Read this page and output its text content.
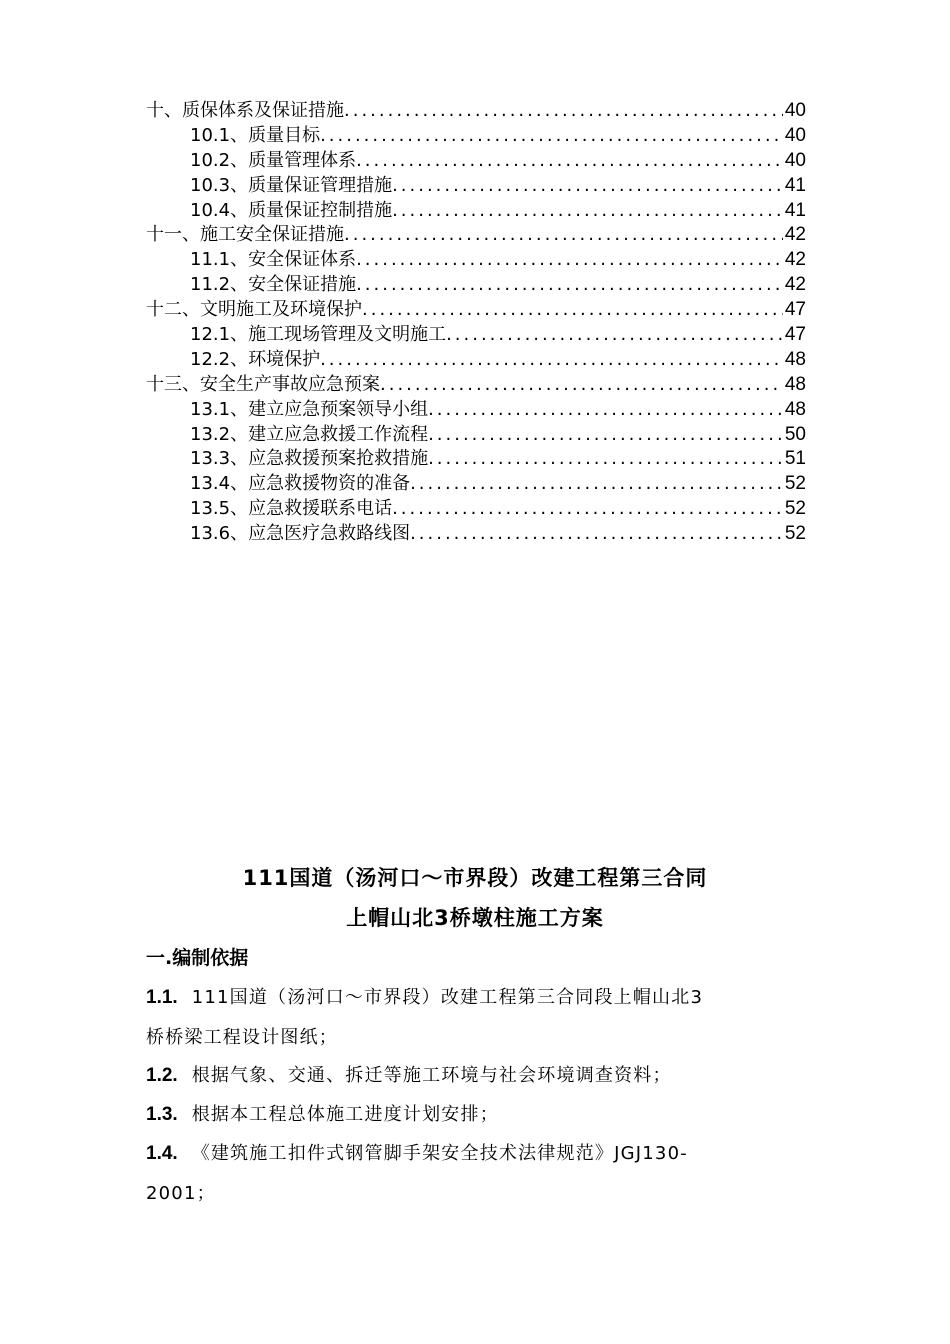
十、质保体系及保证措施 .....	40
10.1、质量目标 .....	40
10.2、质量管理体系 .....	40
10.3、质量保证管理措施 .....	41
10.4、质量保证控制措施 .....	41
十一、施工安全保证措施 .....	42
11.1、安全保证体系 .....	42
11.2、安全保证措施 .....	42
十二、文明施工及环境保护 .....	47
12.1、施工现场管理及文明施工 .....	47
12.2、环境保护 .....	48
十三、安全生产事故应急预案 .....	48
13.1、建立应急预案领导小组 .....	48
13.2、建立应急救援工作流程 .....	50
13.3、应急救援预案抢救措施 .....	51
13.4、应急救援物资的准备 .....	52
13.5、应急救援联系电话 .....	52
13.6、应急医疗急救路线图 .....	52
111国道（汤河口～市界段）改建工程第三合同
上帽山北3桥墩柱施工方案
一.编制依据
1.1. 111国道（汤河口～市界段）改建工程第三合同段上帽山北3
桥桥梁工程设计图纸；
1.2. 根据气象、交通、拆迁等施工环境与社会环境调查资料；
1.3. 根据本工程总体施工进度计划安排；
1.4. 《建筑施工扣件式钢管脚手架安全技术法律规范》JGJ130-
2001；
